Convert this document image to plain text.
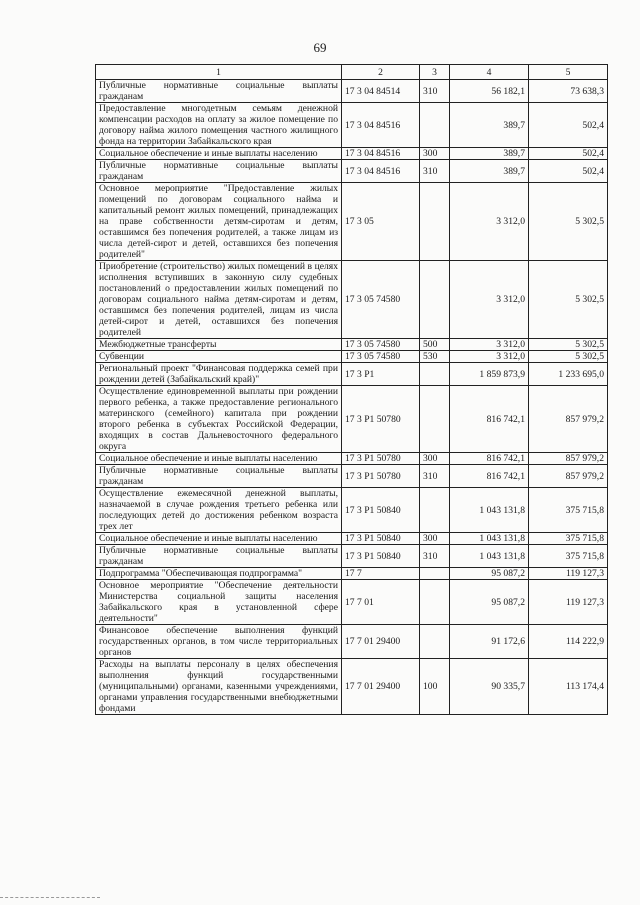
69
1	2	3	4	5
Публичные нормативные социальные выплаты гражданам	17 3 04 84514	310	56 182,1	73 638,3
Предоставление многодетным семьям денежной компенсации расходов на оплату за жилое помещение по договору найма жилого помещения частного жилищного фонда на территории Забайкальского края	17 3 04 84516		389,7	502,4
Социальное обеспечение и иные выплаты населению	17 3 04 84516	300	389,7	502,4
Публичные нормативные социальные выплаты гражданам	17 3 04 84516	310	389,7	502,4
Основное мероприятие "Предоставление жилых помещений по договорам социального найма и капитальный ремонт жилых помещений, принадлежащих на праве собственности детям-сиротам и детям, оставшимся без попечения родителей, а также лицам из числа детей-сирот и детей, оставшихся без попечения родителей"	17 3 05		3 312,0	5 302,5
Приобретение (строительство) жилых помещений в целях исполнения вступивших в законную силу судебных постановлений о предоставлении жилых помещений по договорам социального найма детям-сиротам и детям, оставшимся без попечения родителей, лицам из числа детей-сирот и детей, оставшихся без попечения родителей	17 3 05 74580		3 312,0	5 302,5
Межбюджетные трансферты	17 3 05 74580	500	3 312,0	5 302,5
Субвенции	17 3 05 74580	530	3 312,0	5 302,5
Региональный проект "Финансовая поддержка семей при рождении детей (Забайкальский край)"	17 3 P1		1 859 873,9	1 233 695,0
Осуществление единовременной выплаты при рождении первого ребенка, а также предоставление регионального материнского (семейного) капитала при рождении второго ребенка в субъектах Российской Федерации, входящих в состав Дальневосточного федерального округа	17 3 P1 50780		816 742,1	857 979,2
Социальное обеспечение и иные выплаты населению	17 3 P1 50780	300	816 742,1	857 979,2
Публичные нормативные социальные выплаты гражданам	17 3 P1 50780	310	816 742,1	857 979,2
Осуществление ежемесячной денежной выплаты, назначаемой в случае рождения третьего ребенка или последующих детей до достижения ребенком возраста трех лет	17 3 P1 50840		1 043 131,8	375 715,8
Социальное обеспечение и иные выплаты населению	17 3 P1 50840	300	1 043 131,8	375 715,8
Публичные нормативные социальные выплаты гражданам	17 3 P1 50840	310	1 043 131,8	375 715,8
Подпрограмма "Обеспечивающая подпрограмма"	17 7		95 087,2	119 127,3
Основное мероприятие "Обеспечение деятельности Министерства социальной защиты населения Забайкальского края в установленной сфере деятельности"	17 7 01		95 087,2	119 127,3
Финансовое обеспечение выполнения функций государственных органов, в том числе территориальных органов	17 7 01 29400		91 172,6	114 222,9
Расходы на выплаты персоналу в целях обеспечения выполнения функций государственными (муниципальными) органами, казенными учреждениями, органами управления государственными внебюджетными фондами	17 7 01 29400	100	90 335,7	113 174,4
